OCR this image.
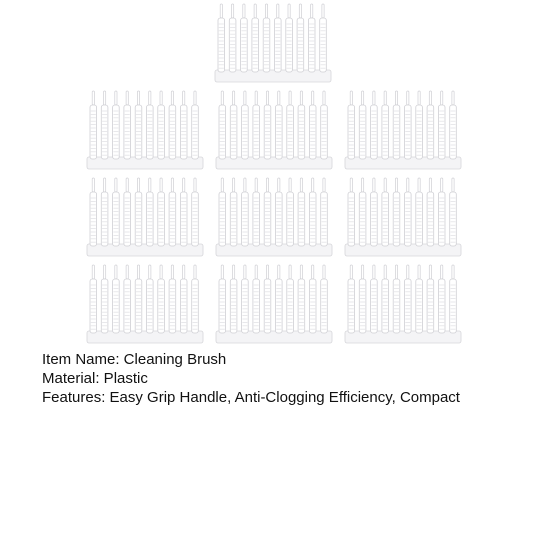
Item Name: Cleaning Brush
Material: Plastic
Features: Easy Grip Handle, Anti-Clogging Efficiency, Compact
